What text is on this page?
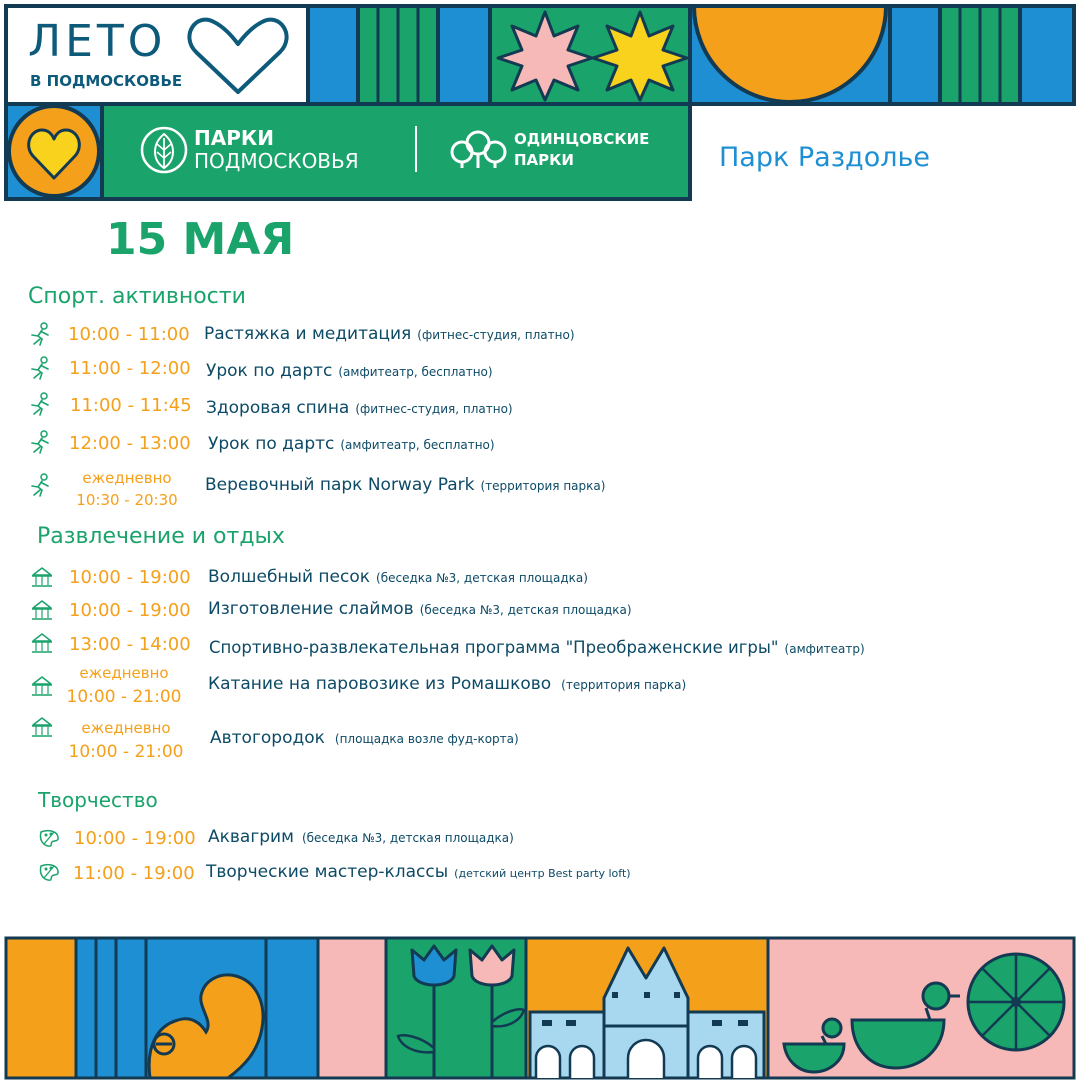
ЛЕТО
В ПОДМОСКОВЬЕ
ПАРКИ
ПОДМОСКОВЬЯ
ОДИНЦОВСКИЕ
ПАРКИ	Парк Раздолье
15 МАЯ
Спорт. активности
10:00 - 11:00 Растяжка и медитация (фитнес-студия, платно)
11:00 - 12:00 Урок по дартс (амфитеатр, бесплатно)
11:00 - 11:45 Здоровая спина (фитнес-студия, платно)
12:00 - 13:00 Урок по дартс (амфитеатр, бесплатно)
ежедневно
10:30 - 20:30
Веревочный парк Norway Park (территория парка)
Развлечение и отдых
10:00 - 19:00 Волшебный песок (беседка №3, детская площадка)
10:00 - 19:00 Изготовление слаймов (беседка №3, детская площадка)
13:00 - 14:00 Спортивно-развлекательная программа "Преображенские игры" (амфитеатр)
ежедневно
10:00 - 21:00
Катание на паровозике из Ромашково (территория парка)
ежедневно
10:00 - 21:00
Автогородок (площадка возле фуд-корта)
Творчество
10:00 - 19:00 Аквагрим (беседка №3, детская площадка)
11:00 - 19:00 Творческие мастер-классы (детский центр Best party loft)
